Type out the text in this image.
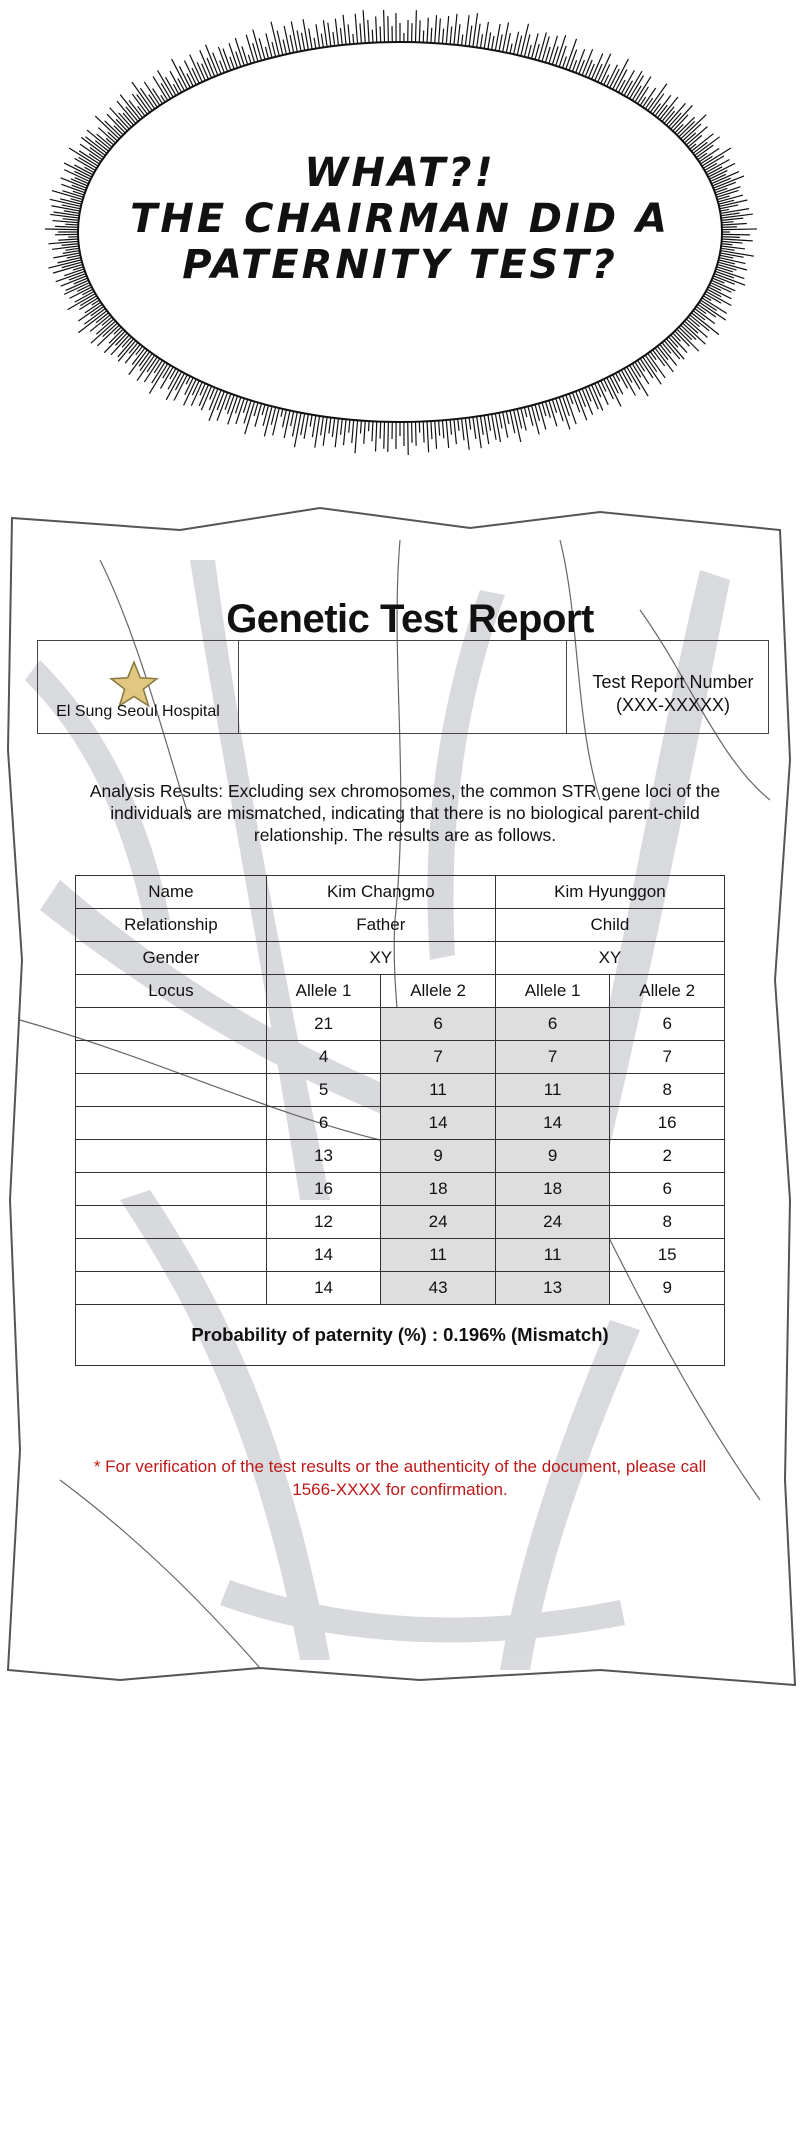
WHAT?!
THE CHAIRMAN DID A
PATERNITY TEST?
Genetic Test Report
El Sung Seoul Hospital
Test Report Number
(XXX-XXXXX)
Analysis Results: Excluding sex chromosomes, the common STR gene loci of the individuals are mismatched, indicating that there is no biological parent-child relationship. The results are as follows.
Name	Kim Changmo		Kim Hyunggon	
Relationship	Father		Child	
Gender	XY		XY	
Locus	Allele 1	Allele 2	Allele 1	Allele 2
	21	6	6	6
	4	7	7	7
	5	11	11	8
	6	14	14	16
	13	9	9	2
	16	18	18	6
	12	24	24	8
	14	11	11	15
	14	43	13	9
Probability of paternity (%) : 0.196% (Mismatch)				
* For verification of the test results or the authenticity of the document, please call 1566-XXXX for confirmation.
